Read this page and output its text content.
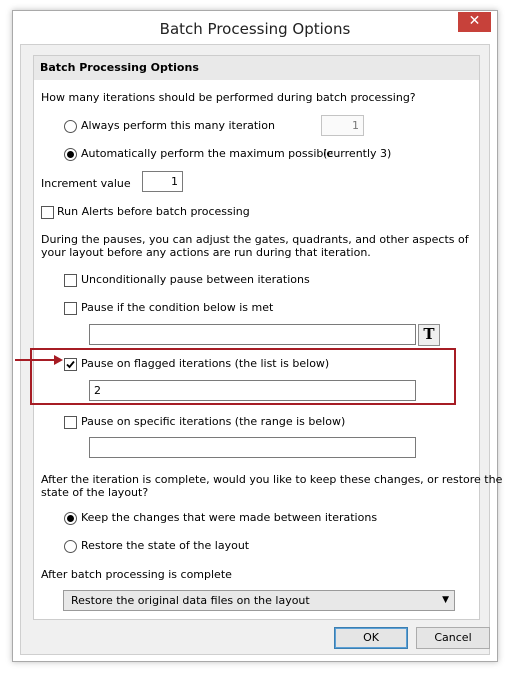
Batch Processing Options	✕
Batch Processing Options
How many iterations should be performed during batch processing?
Always perform this many iteration	1
Automatically perform the maximum possible
(currently 3)
Increment value	1
Run Alerts before batch processing
During the pauses, you can adjust the gates, quadrants, and other aspects of
your layout before any actions are run during that iteration.
Unconditionally pause between iterations
Pause if the condition below is met
T
Pause on flagged iterations (the list is below)
2
Pause on specific iterations (the range is below)
After the iteration is complete, would you like to keep these changes, or restore the
state of the layout?
Keep the changes that were made between iterations
Restore the state of the layout
After batch processing is complete
Restore the original data files on the layout	▼
OK	Cancel
